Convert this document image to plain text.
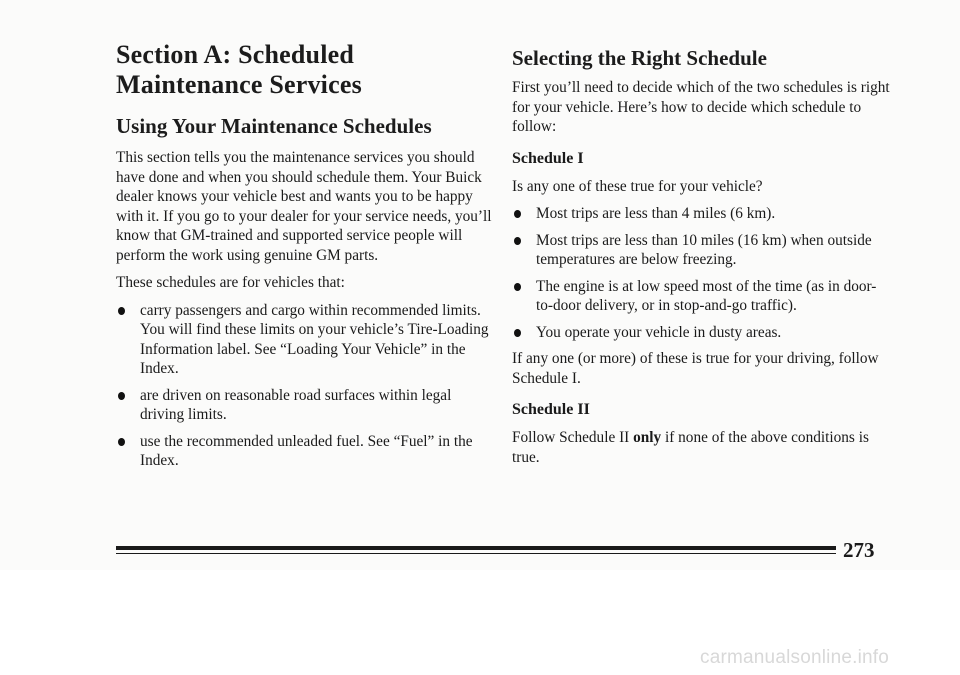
Section A: Scheduled Maintenance Services
Using Your Maintenance Schedules

This section tells you the maintenance services you should have done and when you should schedule them. Your Buick dealer knows your vehicle best and wants you to be happy with it. If you go to your dealer for your service needs, you’ll know that GM-trained and supported service people will perform the work using genuine GM parts.

These schedules are for vehicles that:

carry passengers and cargo within recommended limits. You will find these limits on your vehicle’s Tire-Loading Information label. See “Loading Your Vehicle” in the Index.
are driven on reasonable road surfaces within legal driving limits.
use the recommended unleaded fuel. See “Fuel” in the Index.
Selecting the Right Schedule

First you’ll need to decide which of the two schedules is right for your vehicle. Here’s how to decide which schedule to follow:

Schedule I

Is any one of these true for your vehicle?

Most trips are less than 4 miles (6 km).
Most trips are less than 10 miles (16 km) when outside temperatures are below freezing.
The engine is at low speed most of the time (as in door-to-door delivery, or in stop-and-go traffic).
You operate your vehicle in dusty areas.

If any one (or more) of these is true for your driving, follow Schedule I.

Schedule II

Follow Schedule II only if none of the above conditions is true.

273
carmanualsonline.info
